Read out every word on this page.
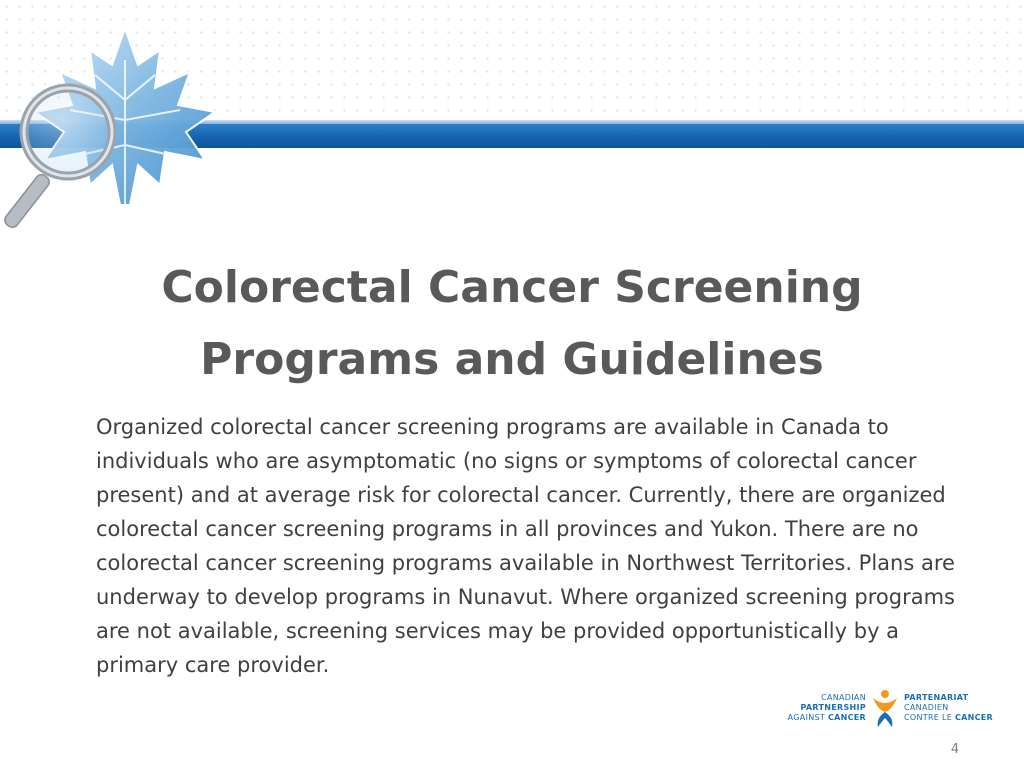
Colorectal Cancer Screening
Programs and Guidelines

Organized colorectal cancer screening programs are available in Canada to individuals who are asymptomatic (no signs or symptoms of colorectal cancer present) and at average risk for colorectal cancer. Currently, there are organized colorectal cancer screening programs in all provinces and Yukon. There are no colorectal cancer screening programs available in Northwest Territories. Plans are underway to develop programs in Nunavut. Where organized screening programs are not available, screening services may be provided opportunistically by a primary care provider.

CANADIAN PARTNERSHIP
AGAINST CANCER
PARTENARIAT CANADIEN
CONTRE LE CANCER
4
